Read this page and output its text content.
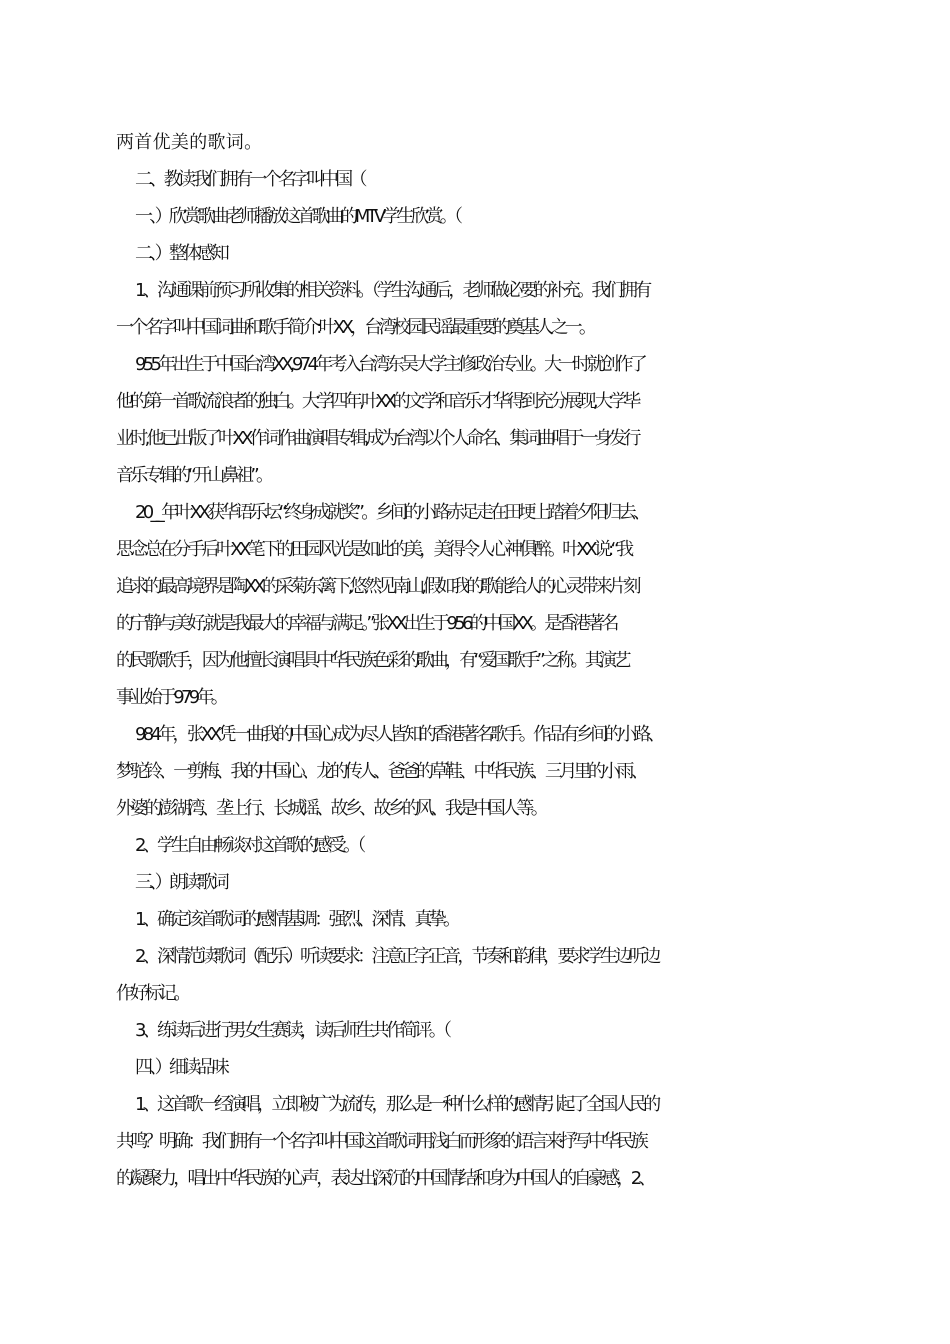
两首优美的歌词。

二、教读我们拥有一个名字叫中国（

一、）欣赏歌曲老师播放这首歌曲的MTV学生欣赏。（

二、）整体感知

1、沟通课前预习所收集的相关资料。（学生沟通后，老师做必要的补充。我们拥有
一个名字叫中国词曲和歌手简介:叶XX，台湾校园民谣最重要的奠基人之一。

955年出生于中国台湾XX,974年考入台湾东吴大学主修政治专业。大一时就创作了
他的第一首歌流浪者的独白。大学四年,叶XX的文学和音乐才华得到充分展现,大学毕
业时,他已出版了叶XX作词作曲演唱专辑,成为台湾以个人命名、集词曲唱于一身发行
音乐专辑的“开山鼻祖”。

20__年叶XX获华语乐坛“终身成就奖”。乡间的小路赤足走在田埂上踏着夕阳归去、
思念总在分手后叶XX笔下的田园风光是如此的美，美得令人心神俱醉。叶XX说:“我
追求的最高境界是陶XX的采菊东篱下,悠然见南山,假如我的歌能给人的心灵带来片刻
的宁静与美好,就是我最大的幸福与满足。”张XX出生于956的中国XX。是香港著名
的民歌歌手，因为他擅长演唱具中华民族色彩的歌曲，有“爱国歌手”之称。其演艺
事业始于979年。

984年，张XX凭一曲我的中国心成为尽人皆知的香港著名歌手。作品有乡间的小路、
梦驼铃、一剪梅、我的中国心、龙的传人、爸爸的草鞋、中华民族、三月里的小雨、
外婆的澎湖湾、垄上行、长城谣、故乡、故乡的风、我是中国人等。

2、学生自由畅谈对这首歌的感受。（

三、）朗读歌词

1、确定该首歌词的感情基调：强烈、深情、真挚。

2、深情范读歌词（配乐）听读要求：注意正字正音，节奏和韵律，要求学生边听边
作好标记。

3、练读后进行男女生赛读，读后师生共作简评。（

四、）细读品味

1、这首歌一经演唱，立即被广为流传，那么是一种什么样的感情引起了全国人民的
共鸣？明确：我们拥有一个名字叫中国这首歌词用浅白而形象的语言来抒写中华民族
的凝聚力，唱出中华民族的心声，表达出深沉的中国情结和身为中国人的自豪感，2、
